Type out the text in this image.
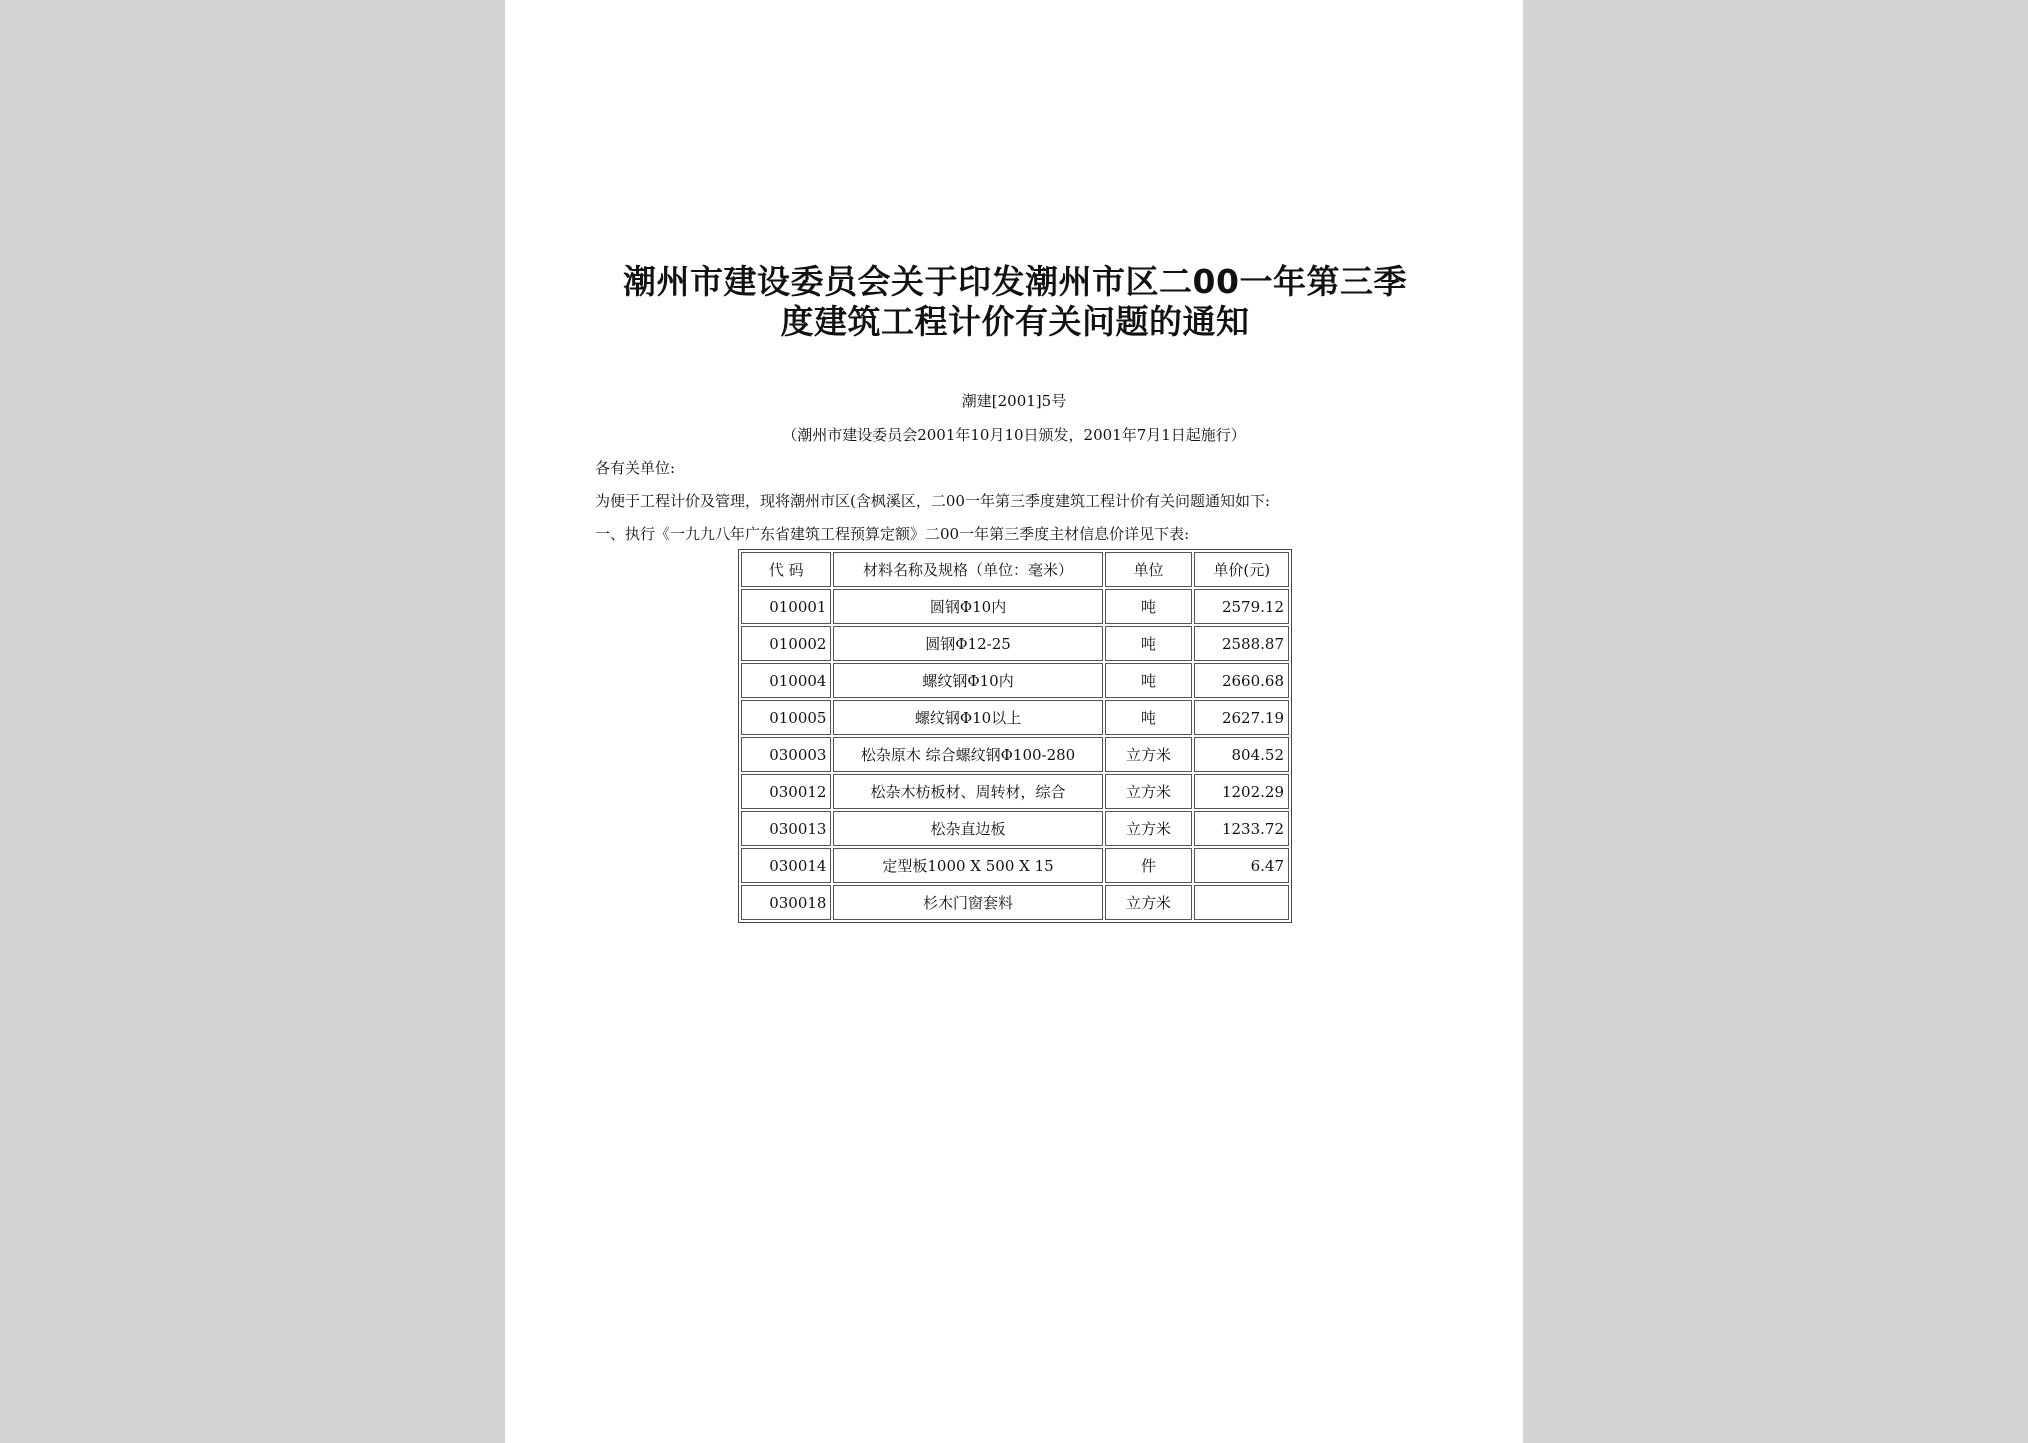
潮州市建设委员会关于印发潮州市区二00一年第三季
度建筑工程计价有关问题的通知
潮建[2001]5号
（潮州市建设委员会2001年10月10日颁发，2001年7月1日起施行）
各有关单位:
为便于工程计价及管理，现将潮州市区(含枫溪区，二00一年第三季度建筑工程计价有关问题通知如下:
一、执行《一九九八年广东省建筑工程预算定额》二00一年第三季度主材信息价详见下表:
代 码	材料名称及规格（单位：毫米）	单位	单价(元)
010001	圆钢Φ10内	吨	2579.12
010002	圆钢Φ12-25	吨	2588.87
010004	螺纹钢Φ10内	吨	2660.68
010005	螺纹钢Φ10以上	吨	2627.19
030003	松杂原木 综合螺纹钢Φ100-280	立方米	804.52
030012	松杂木枋板材、周转材，综合	立方米	1202.29
030013	松杂直边板	立方米	1233.72
030014	定型板1000 X 500 X 15	件	6.47
030018	杉木门窗套料	立方米	
